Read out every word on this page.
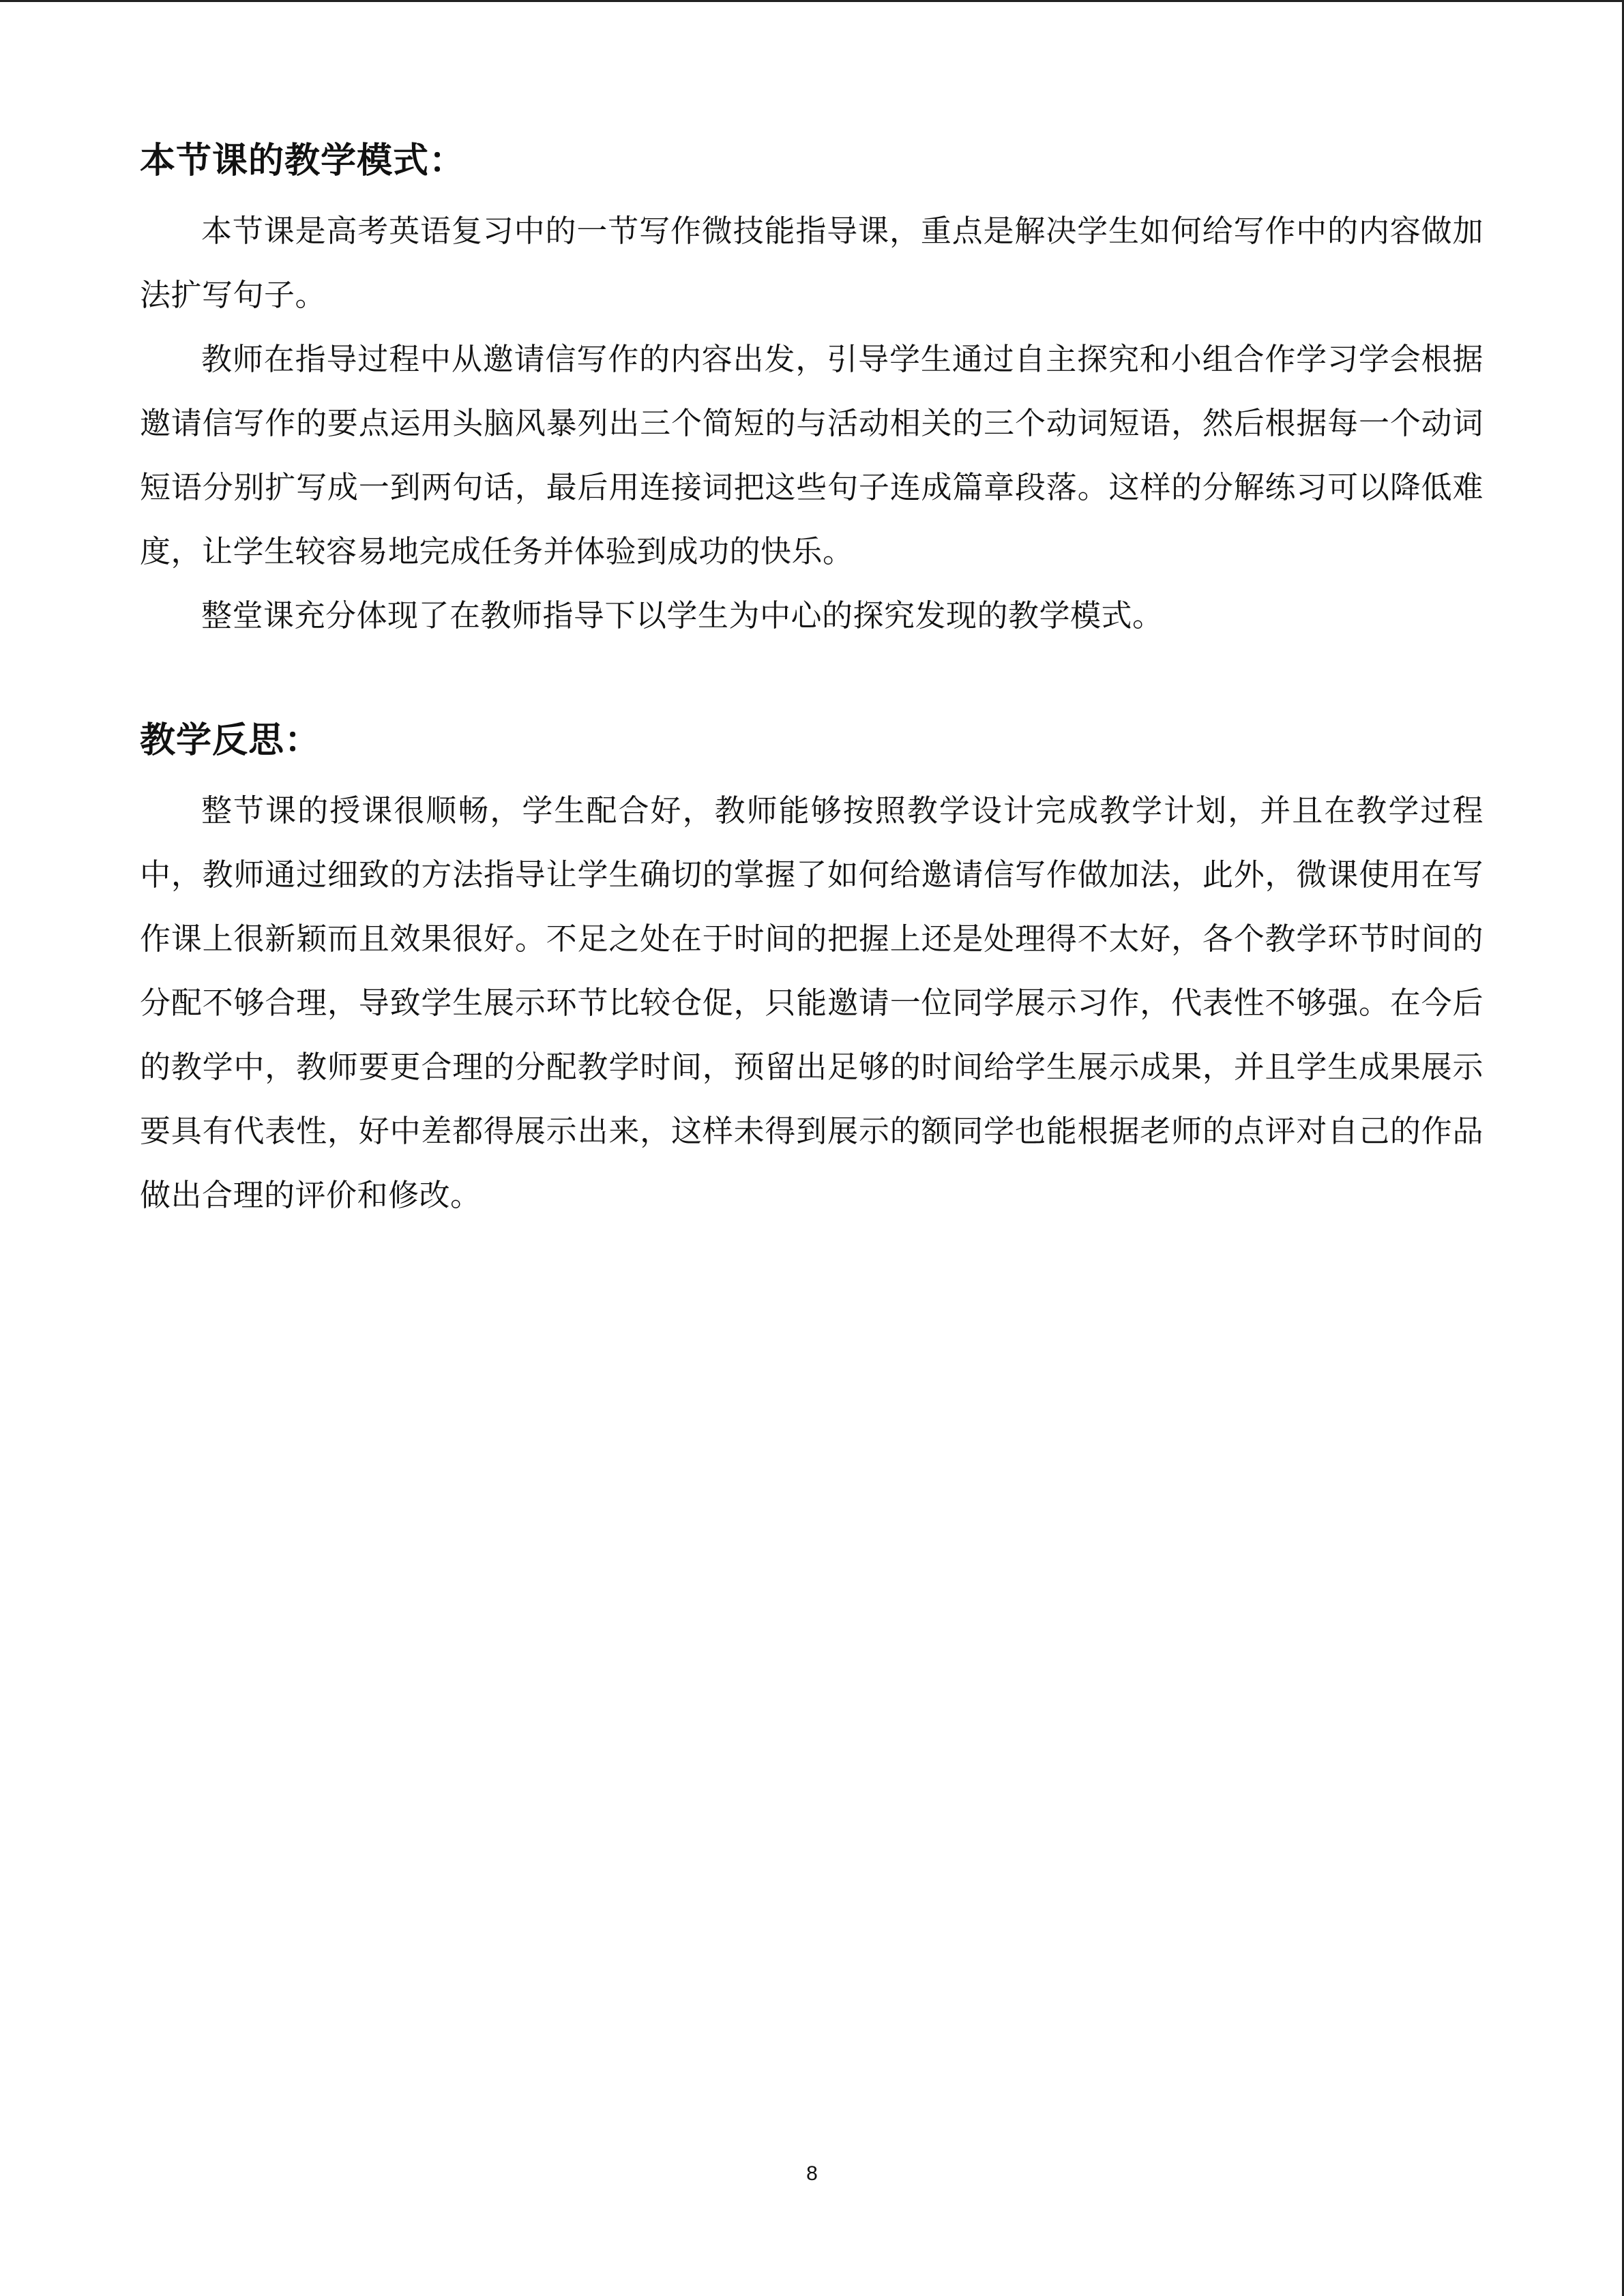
本节课的教学模式：

本节课是高考英语复习中的一节写作微技能指导课，重点是解决学生如何给写作中的内容做加法扩写句子。

教师在指导过程中从邀请信写作的内容出发，引导学生通过自主探究和小组合作学习学会根据邀请信写作的要点运用头脑风暴列出三个简短的与活动相关的三个动词短语，然后根据每一个动词短语分别扩写成一到两句话，最后用连接词把这些句子连成篇章段落。这样的分解练习可以降低难度，让学生较容易地完成任务并体验到成功的快乐。

整堂课充分体现了在教师指导下以学生为中心的探究发现的教学模式。

教学反思：

整节课的授课很顺畅，学生配合好，教师能够按照教学设计完成教学计划，并且在教学过程中，教师通过细致的方法指导让学生确切的掌握了如何给邀请信写作做加法，此外，微课使用在写作课上很新颖而且效果很好。不足之处在于时间的把握上还是处理得不太好，各个教学环节时间的分配不够合理，导致学生展示环节比较仓促，只能邀请一位同学展示习作，代表性不够强。在今后的教学中，教师要更合理的分配教学时间，预留出足够的时间给学生展示成果，并且学生成果展示要具有代表性，好中差都得展示出来，这样未得到展示的额同学也能根据老师的点评对自己的作品做出合理的评价和修改。

8
